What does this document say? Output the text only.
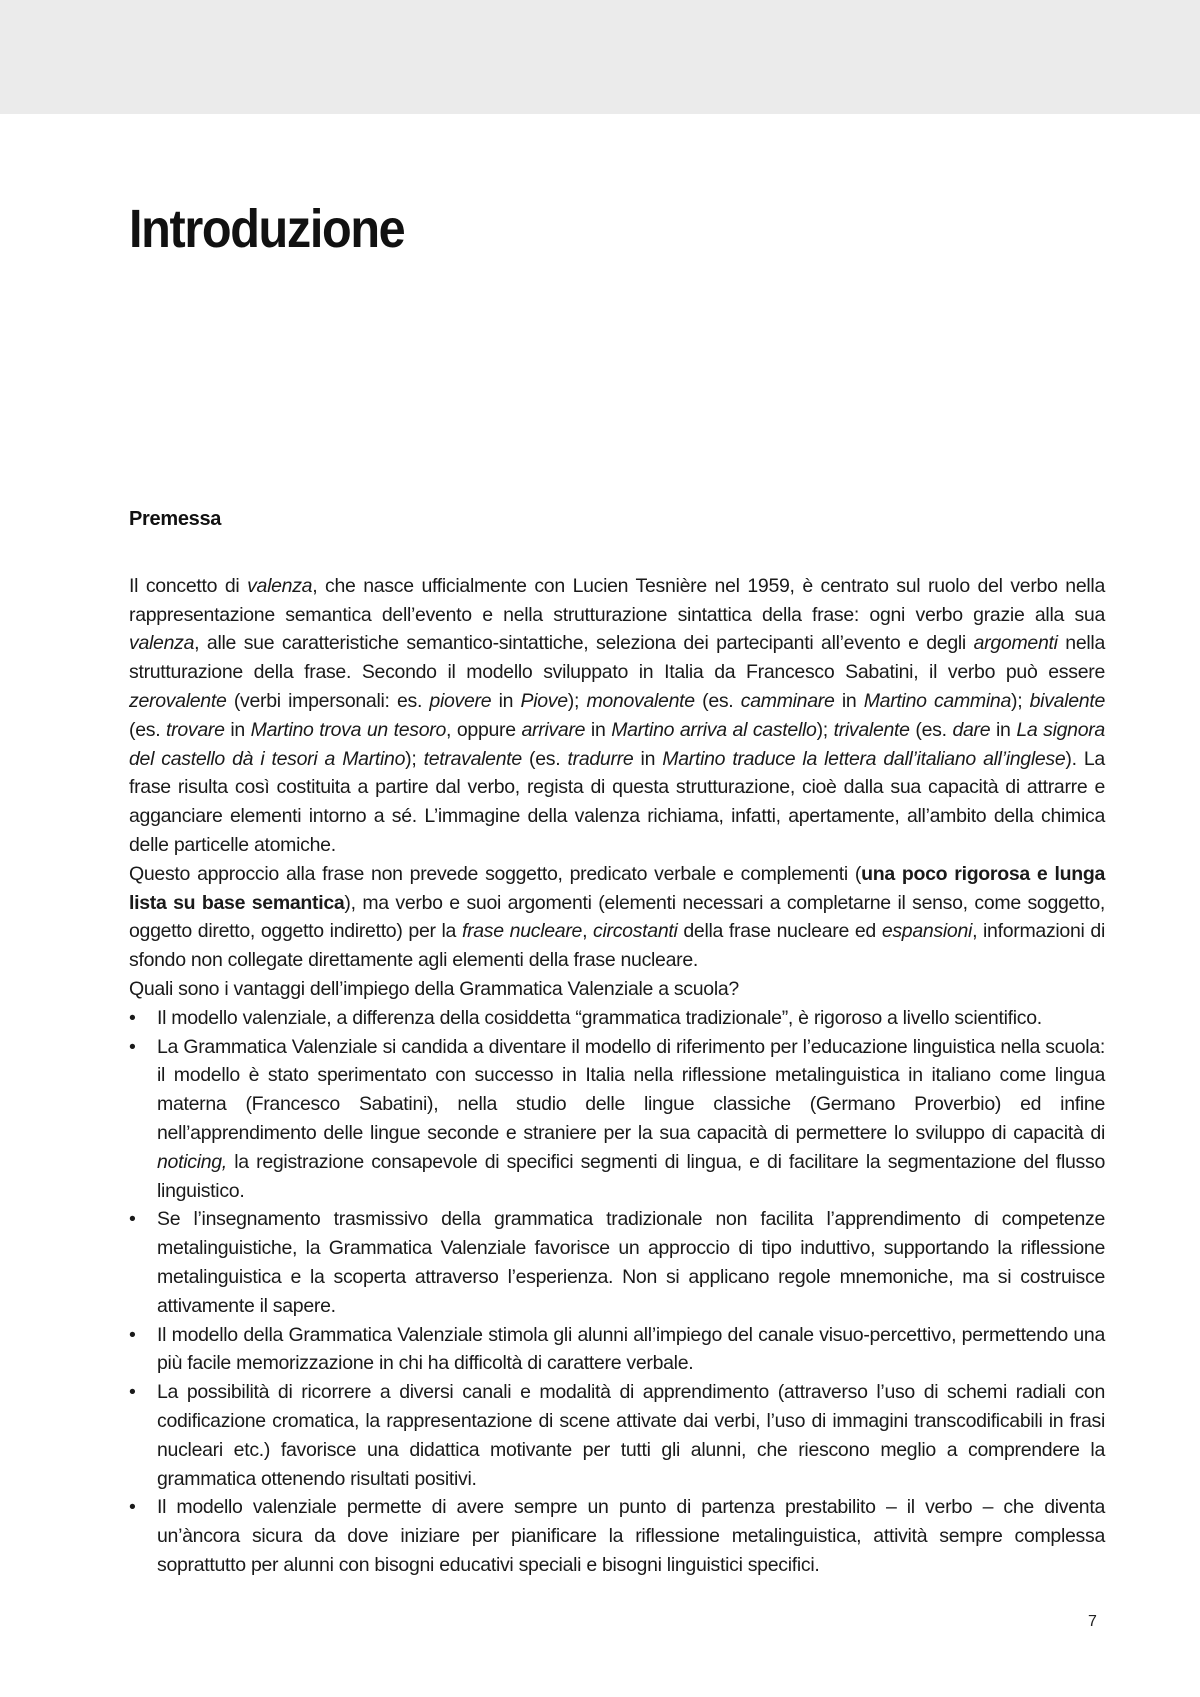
Introduzione
Premessa

Il concetto di valenza, che nasce ufficialmente con Lucien Tesnière nel 1959, è centrato sul ruolo del verbo nella rappresentazione semantica dell’evento e nella strutturazione sintattica della frase: ogni verbo grazie alla sua valenza, alle sue caratteristiche semantico-sintattiche, seleziona dei partecipanti all’evento e degli argomenti nella strutturazione della frase. Secondo il modello sviluppato in Italia da Francesco Sabatini, il verbo può essere zerovalente (verbi impersonali: es. piovere in Piove); monovalente (es. camminare in Martino cammina); bivalente (es. trovare in Martino trova un tesoro, oppure arrivare in Martino arriva al castello); trivalente (es. dare in La signora del castello dà i tesori a Martino); tetravalente (es. tradurre in Martino traduce la lettera dall’italiano all’inglese). La frase risulta così costituita a partire dal verbo, regista di questa strutturazione, cioè dalla sua capacità di attrarre e agganciare elementi intorno a sé. L’immagine della valenza richiama, infatti, apertamente, all’ambito della chimica delle particelle atomiche.

Questo approccio alla frase non prevede soggetto, predicato verbale e complementi (una poco rigorosa e lunga lista su base semantica), ma verbo e suoi argomenti (elementi necessari a completarne il senso, come soggetto, oggetto diretto, oggetto indiretto) per la frase nucleare, circostanti della frase nucleare ed espansioni, informazioni di sfondo non collegate direttamente agli elementi della frase nucleare.

Quali sono i vantaggi dell’impiego della Grammatica Valenziale a scuola?

• Il modello valenziale, a differenza della cosiddetta “grammatica tradizionale”, è rigoroso a livello scientifico.
• La Grammatica Valenziale si candida a diventare il modello di riferimento per l’educazione linguistica nella scuola: il modello è stato sperimentato con successo in Italia nella riflessione metalinguistica in italiano come lingua materna (Francesco Sabatini), nella studio delle lingue classiche (Germano Proverbio) ed infine nell’apprendimento delle lingue seconde e straniere per la sua capacità di permettere lo sviluppo di capacità di noticing, la registrazione consapevole di specifici segmenti di lingua, e di facilitare la segmentazione del flusso linguistico.
• Se l’insegnamento trasmissivo della grammatica tradizionale non facilita l’apprendimento di competenze metalinguistiche, la Grammatica Valenziale favorisce un approccio di tipo induttivo, supportando la riflessione metalinguistica e la scoperta attraverso l’esperienza. Non si applicano regole mnemoniche, ma si costruisce attivamente il sapere.
• Il modello della Grammatica Valenziale stimola gli alunni all’impiego del canale visuo-percettivo, permettendo una più facile memorizzazione in chi ha difficoltà di carattere verbale.
• La possibilità di ricorrere a diversi canali e modalità di apprendimento (attraverso l’uso di schemi radiali con codificazione cromatica, la rappresentazione di scene attivate dai verbi, l’uso di immagini transcodificabili in frasi nucleari etc.) favorisce una didattica motivante per tutti gli alunni, che riescono meglio a comprendere la grammatica ottenendo risultati positivi.
• Il modello valenziale permette di avere sempre un punto di partenza prestabilito – il verbo – che diventa un’àncora sicura da dove iniziare per pianificare la riflessione metalinguistica, attività sempre complessa soprattutto per alunni con bisogni educativi speciali e bisogni linguistici specifici.
7
